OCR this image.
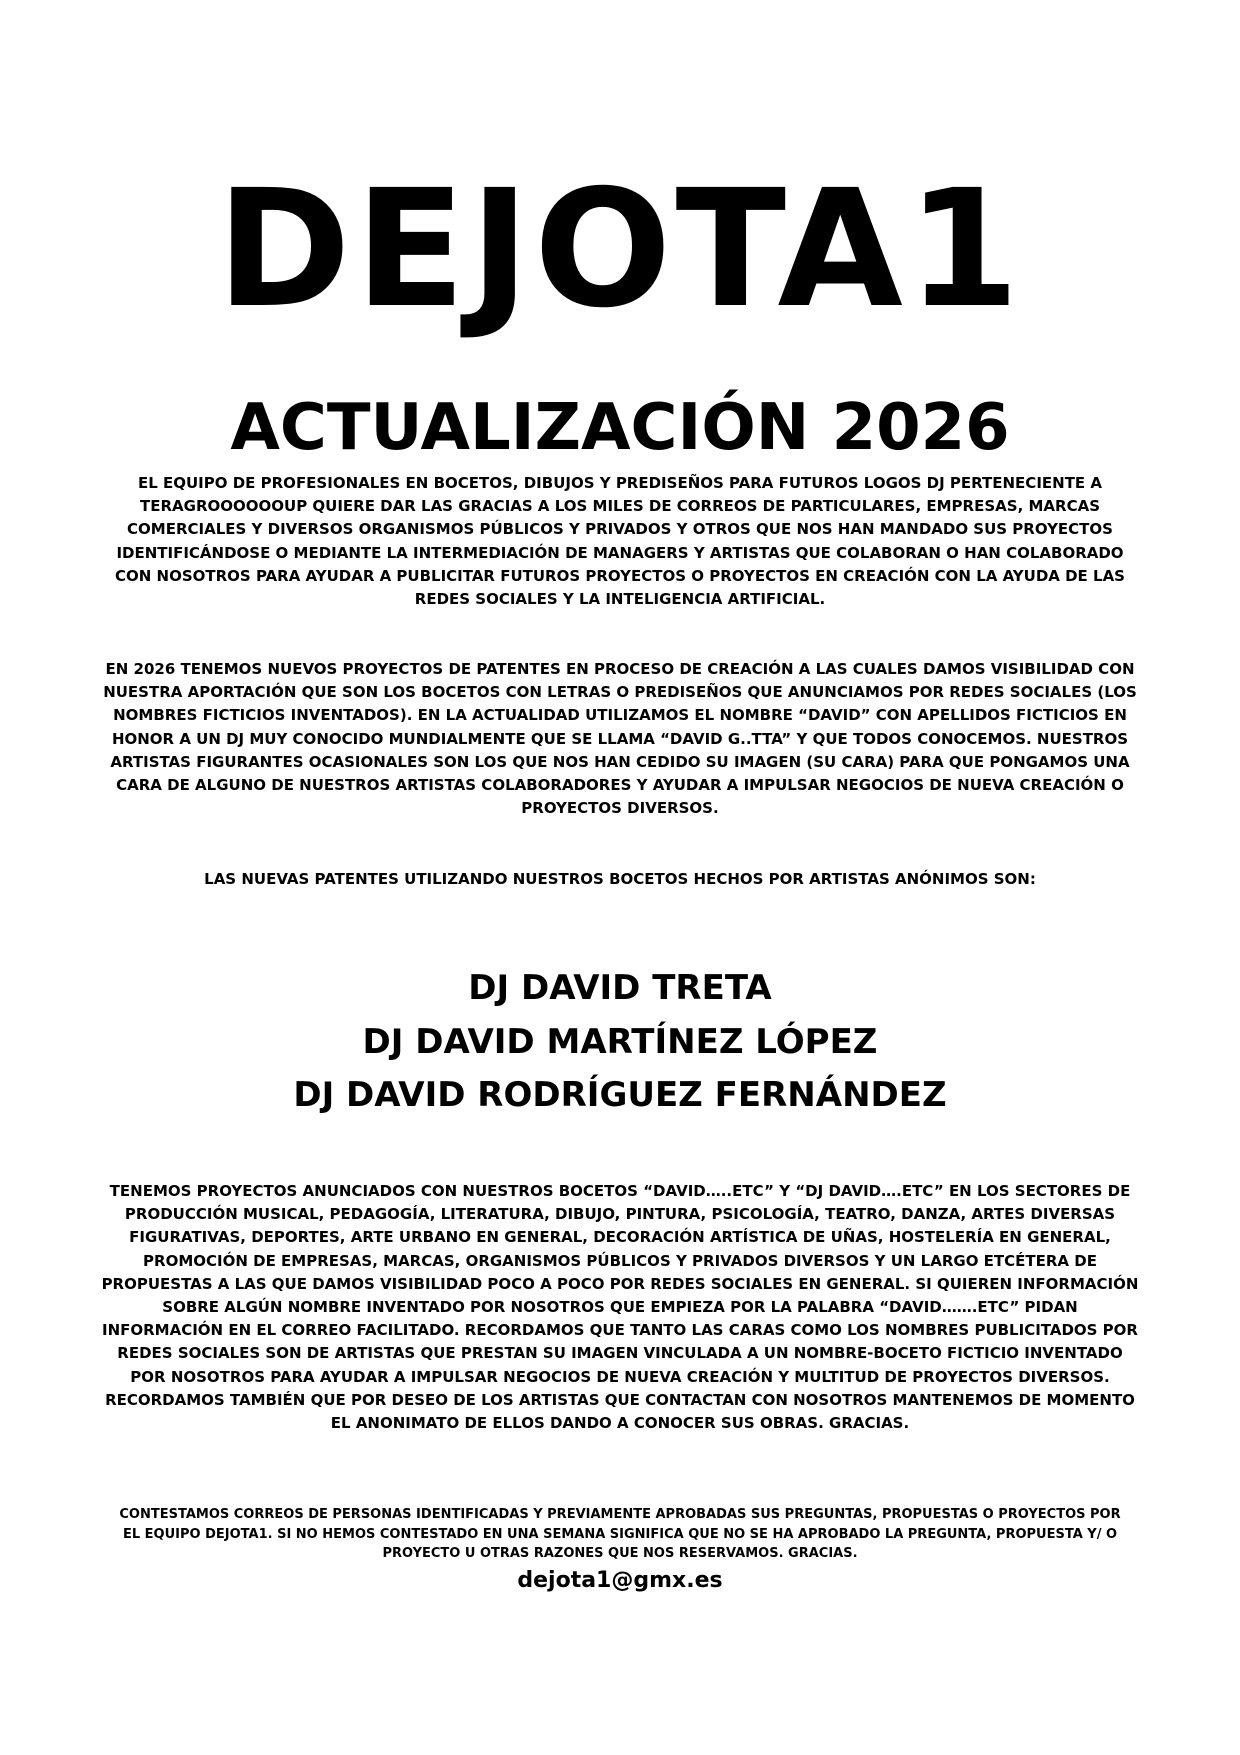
DEJOTA1
ACTUALIZACIÓN 2026

EL EQUIPO DE PROFESIONALES EN BOCETOS, DIBUJOS Y PREDISEÑOS PARA FUTUROS LOGOS DJ PERTENECIENTE A TERAGROOOOOOUP QUIERE DAR LAS GRACIAS A LOS MILES DE CORREOS DE PARTICULARES, EMPRESAS, MARCAS COMERCIALES Y DIVERSOS ORGANISMOS PÚBLICOS Y PRIVADOS Y OTROS QUE NOS HAN MANDADO SUS PROYECTOS IDENTIFICÁNDOSE O MEDIANTE LA INTERMEDIACIÓN DE MANAGERS Y ARTISTAS QUE COLABORAN O HAN COLABORADO CON NOSOTROS PARA AYUDAR A PUBLICITAR FUTUROS PROYECTOS O PROYECTOS EN CREACIÓN CON LA AYUDA DE LAS REDES SOCIALES Y LA INTELIGENCIA ARTIFICIAL.

EN 2026 TENEMOS NUEVOS PROYECTOS DE PATENTES EN PROCESO DE CREACIÓN A LAS CUALES DAMOS VISIBILIDAD CON NUESTRA APORTACIÓN QUE SON LOS BOCETOS CON LETRAS O PREDISEÑOS QUE ANUNCIAMOS POR REDES SOCIALES (LOS NOMBRES FICTICIOS INVENTADOS). EN LA ACTUALIDAD UTILIZAMOS EL NOMBRE “DAVID” CON APELLIDOS FICTICIOS EN HONOR A UN DJ MUY CONOCIDO MUNDIALMENTE QUE SE LLAMA “DAVID G..TTA” Y QUE TODOS CONOCEMOS. NUESTROS ARTISTAS FIGURANTES OCASIONALES SON LOS QUE NOS HAN CEDIDO SU IMAGEN (SU CARA) PARA QUE PONGAMOS UNA CARA DE ALGUNO DE NUESTROS ARTISTAS COLABORADORES Y AYUDAR A IMPULSAR NEGOCIOS DE NUEVA CREACIÓN O PROYECTOS DIVERSOS.

LAS NUEVAS PATENTES UTILIZANDO NUESTROS BOCETOS HECHOS POR ARTISTAS ANÓNIMOS SON:

DJ DAVID TRETA
DJ DAVID MARTÍNEZ LÓPEZ
DJ DAVID RODRÍGUEZ FERNÁNDEZ

TENEMOS PROYECTOS ANUNCIADOS CON NUESTROS BOCETOS “DAVID…..ETC” Y “DJ DAVID….ETC” EN LOS SECTORES DE PRODUCCIÓN MUSICAL, PEDAGOGÍA, LITERATURA, DIBUJO, PINTURA, PSICOLOGÍA, TEATRO, DANZA, ARTES DIVERSAS FIGURATIVAS, DEPORTES, ARTE URBANO EN GENERAL, DECORACIÓN ARTÍSTICA DE UÑAS, HOSTELERÍA EN GENERAL, PROMOCIÓN DE EMPRESAS, MARCAS, ORGANISMOS PÚBLICOS Y PRIVADOS DIVERSOS Y UN LARGO ETCÉTERA DE PROPUESTAS A LAS QUE DAMOS VISIBILIDAD POCO A POCO POR REDES SOCIALES EN GENERAL. SI QUIEREN INFORMACIÓN SOBRE ALGÚN NOMBRE INVENTADO POR NOSOTROS QUE EMPIEZA POR LA PALABRA “DAVID…….ETC” PIDAN INFORMACIÓN EN EL CORREO FACILITADO. RECORDAMOS QUE TANTO LAS CARAS COMO LOS NOMBRES PUBLICITADOS POR REDES SOCIALES SON DE ARTISTAS QUE PRESTAN SU IMAGEN VINCULADA A UN NOMBRE-BOCETO FICTICIO INVENTADO POR NOSOTROS PARA AYUDAR A IMPULSAR NEGOCIOS DE NUEVA CREACIÓN Y MULTITUD DE PROYECTOS DIVERSOS. RECORDAMOS TAMBIÉN QUE POR DESEO DE LOS ARTISTAS QUE CONTACTAN CON NOSOTROS MANTENEMOS DE MOMENTO EL ANONIMATO DE ELLOS DANDO A CONOCER SUS OBRAS. GRACIAS.

CONTESTAMOS CORREOS DE PERSONAS IDENTIFICADAS Y PREVIAMENTE APROBADAS SUS PREGUNTAS, PROPUESTAS O PROYECTOS POR EL EQUIPO DEJOTA1. SI NO HEMOS CONTESTADO EN UNA SEMANA SIGNIFICA QUE NO SE HA APROBADO LA PREGUNTA, PROPUESTA Y/ O PROYECTO U OTRAS RAZONES QUE NOS RESERVAMOS. GRACIAS.

dejota1@gmx.es
